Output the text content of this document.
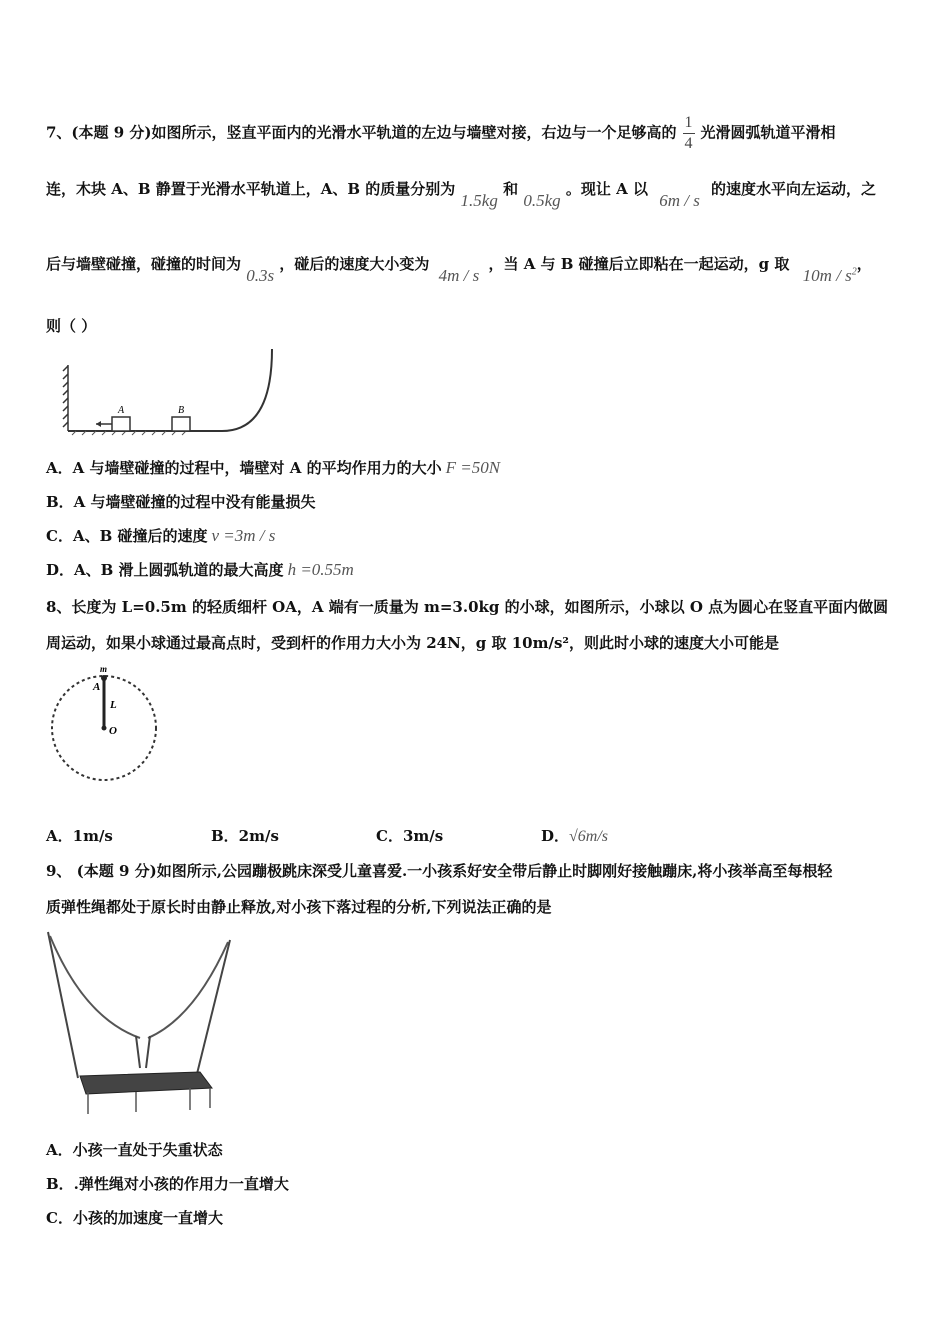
7、(本题 9 分)如图所示，竖直平面内的光滑水平轨道的左边与墙壁对接，右边与一个足够高的 $\frac{1}{4}$ 光滑圆弧轨道平滑相
连，木块 A、B 静置于光滑水平轨道上，A、B 的质量分别为 1.5kg 和 0.5kg 。现让 A 以 6m / s 的速度水平向左运动，之
后与墙壁碰撞，碰撞的时间为 0.3s ，碰后的速度大小变为 4m / s ，当 A 与 B 碰撞后立即粘在一起运动，g 取 $10m / s^2$，
则（ ）
A	B
A．A 与墙壁碰撞的过程中，墙壁对 A 的平均作用力的大小 F =50N
B．A 与墙壁碰撞的过程中没有能量损失
C．A、B 碰撞后的速度 v =3m / s
D．A、B 滑上圆弧轨道的最大高度 h =0.55m
8、长度为 L=0.5m 的轻质细杆 OA，A 端有一质量为 m=3.0kg 的小球，如图所示，小球以 O 点为圆心在竖直平面内做圆
周运动，如果小球通过最高点时，受到杆的作用力大小为 24N，g 取 10m/s²，则此时小球的速度大小可能是
m
A
L
O
A．1m/s	B．2m/s	C．3m/s	D．√6m/s
9、 (本题 9 分)如图所示,公园蹦极跳床深受儿童喜爱.一小孩系好安全带后静止时脚刚好接触蹦床,将小孩举高至每根轻
质弹性绳都处于原长时由静止释放,对小孩下落过程的分析,下列说法正确的是
A．小孩一直处于失重状态
B．.弹性绳对小孩的作用力一直增大
C．小孩的加速度一直增大
